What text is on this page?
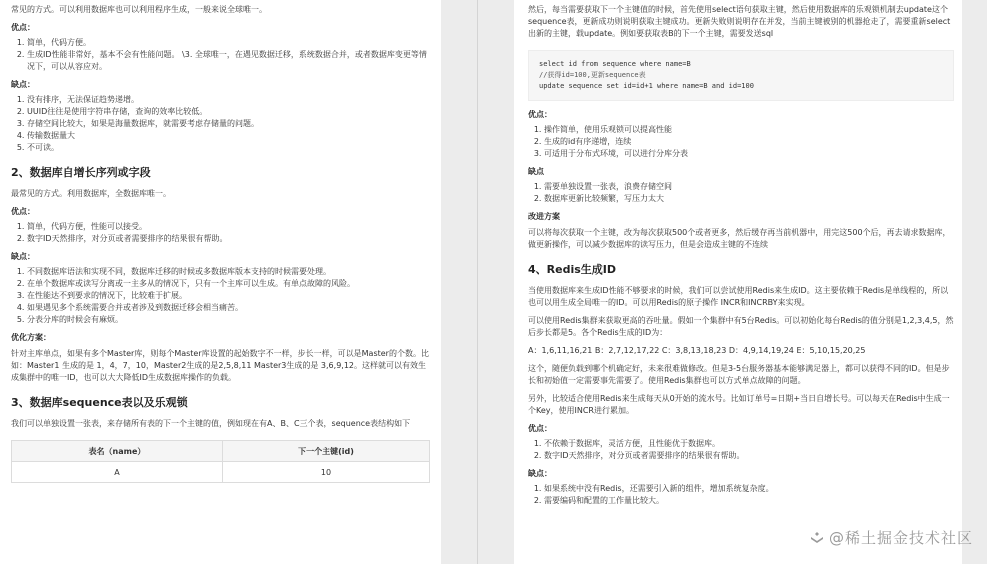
常见的方式。可以利用数据库也可以利用程序生成，一般来说全球唯一。

优点：
1. 简单，代码方便。
2. 生成ID性能非常好，基本不会有性能问题。 \3. 全球唯一，在遇见数据迁移，系统数据合并，或者数据库变更等情况下，可以从容应对。
缺点：
1. 没有排序，无法保证趋势递增。
2. UUID往往是使用字符串存储，查询的效率比较低。
3. 存储空间比较大，如果是海量数据库，就需要考虑存储量的问题。
4. 传输数据量大
5. 不可读。
2、数据库自增长序列或字段

最常见的方式。利用数据库，全数据库唯一。

优点：
1. 简单，代码方便，性能可以接受。
2. 数字ID天然排序，对分页或者需要排序的结果很有帮助。
缺点：
1. 不同数据库语法和实现不同，数据库迁移的时候或多数据库版本支持的时候需要处理。
2. 在单个数据库或读写分离或一主多从的情况下，只有一个主库可以生成。有单点故障的风险。
3. 在性能达不到要求的情况下，比较难于扩展。
4. 如果遇见多个系统需要合并或者涉及到数据迁移会相当痛苦。
5. 分表分库的时候会有麻烦。
优化方案：

针对主库单点，如果有多个Master库，则每个Master库设置的起始数字不一样，步长一样，可以是Master的个数。比如：Master1 生成的是 1，4，7，10，Master2生成的是2,5,8,11 Master3生成的是 3,6,9,12。这样就可以有效生成集群中的唯一ID，也可以大大降低ID生成数据库操作的负载。

3、数据库sequence表以及乐观锁

我们可以单独设置一张表，来存储所有表的下一个主键的值，例如现在有A、B、C三个表，sequence表结构如下

表名（name）	下一个主键(id)
A	10

然后，每当需要获取下一个主键值的时候，首先使用select语句获取主键，然后使用数据库的乐观锁机制去update这个sequence表，更新成功则说明获取主键成功。更新失败则说明存在并发，当前主键被别的机器抢走了，需要重新select出新的主键，载update。例如要获取表B的下一个主键，需要发送sql

select id from sequence where name=B
//获得id=100,更新sequence表
update sequence set id=id+1 where name=B and id=100
优点：
1. 操作简单，使用乐观锁可以提高性能
2. 生成的id有序递增，连续
3. 可适用于分布式环境，可以进行分库分表
缺点
1. 需要单独设置一张表，浪费存储空间
2. 数据库更新比较频繁，写压力太大
改进方案

可以将每次获取一个主键，改为每次获取500个或者更多，然后缓存再当前机器中，用完这500个后，再去请求数据库，做更新操作，可以减少数据库的读写压力，但是会造成主键的不连续

4、Redis生成ID

当使用数据库来生成ID性能不够要求的时候，我们可以尝试使用Redis来生成ID。这主要依赖于Redis是单线程的，所以也可以用生成全局唯一的ID。可以用Redis的原子操作 INCR和INCRBY来实现。

可以使用Redis集群来获取更高的吞吐量。假如一个集群中有5台Redis。可以初始化每台Redis的值分别是1,2,3,4,5，然后步长都是5。各个Redis生成的ID为：

A：1,6,11,16,21 B：2,7,12,17,22 C：3,8,13,18,23 D：4,9,14,19,24 E：5,10,15,20,25

这个，随便负载到哪个机确定好，未来很难做修改。但是3-5台服务器基本能够满足器上，都可以获得不同的ID。但是步长和初始值一定需要事先需要了。使用Redis集群也可以方式单点故障的问题。

另外，比较适合使用Redis来生成每天从0开始的流水号。比如订单号=日期+当日自增长号。可以每天在Redis中生成一个Key，使用INCR进行累加。

优点：
1. 不依赖于数据库，灵活方便，且性能优于数据库。
2. 数字ID天然排序，对分页或者需要排序的结果很有帮助。
缺点：
1. 如果系统中没有Redis，还需要引入新的组件，增加系统复杂度。
2. 需要编码和配置的工作量比较大。
@稀土掘金技术社区
